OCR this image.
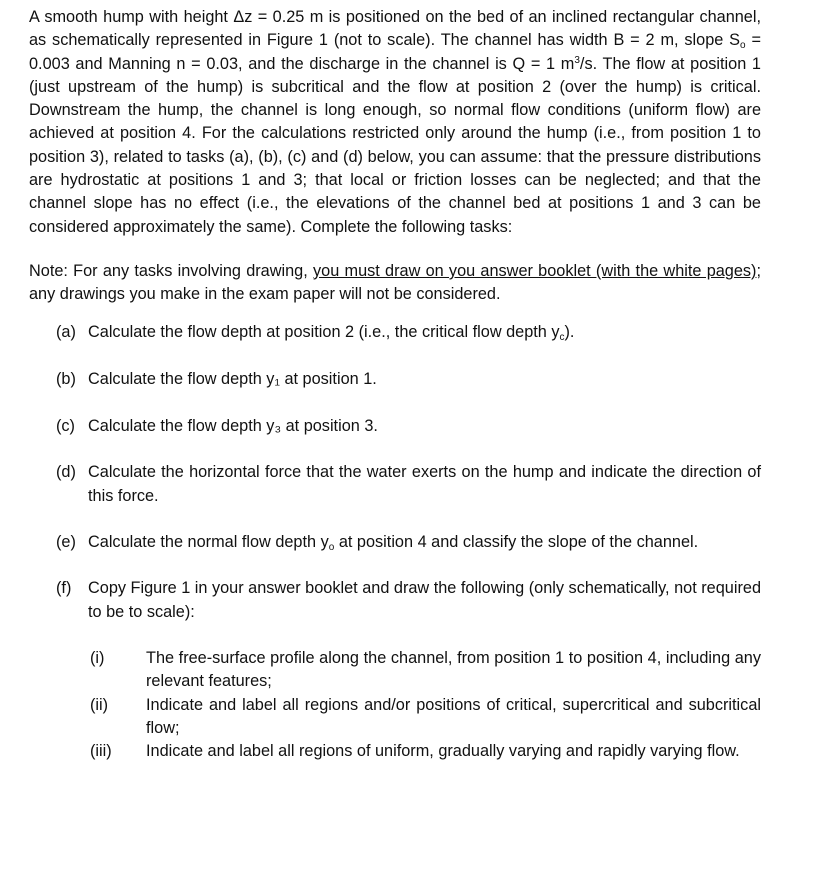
A smooth hump with height Δz = 0.25 m is positioned on the bed of an inclined rectangular channel, as schematically represented in Figure 1 (not to scale). The channel has width B = 2 m, slope $S_o = 0.003$ and Manning n = 0.03, and the discharge in the channel is Q = 1 $m^3/s$. The flow at position 1 (just upstream of the hump) is subcritical and the flow at position 2 (over the hump) is critical. Downstream the hump, the channel is long enough, so normal flow conditions (uniform flow) are achieved at position 4. For the calculations restricted only around the hump (i.e., from position 1 to position 3), related to tasks (a), (b), (c) and (d) below, you can assume: that the pressure distributions are hydrostatic at positions 1 and 3; that local or friction losses can be neglected; and that the channel slope has no effect (i.e., the elevations of the channel bed at positions 1 and 3 can be considered approximately the same). Complete the following tasks:

Note: For any tasks involving drawing, you must draw on you answer booklet (with the white pages); any drawings you make in the exam paper will not be considered.

(a) Calculate the flow depth at position 2 (i.e., the critical flow depth $y_c$).

(b) Calculate the flow depth y₁ at position 1.

(c) Calculate the flow depth y₃ at position 3.

(d) Calculate the horizontal force that the water exerts on the hump and indicate the direction of this force.

(e) Calculate the normal flow depth $y_o$ at position 4 and classify the slope of the channel.

(f) Copy Figure 1 in your answer booklet and draw the following (only schematically, not required to be to scale):

(i)	The free-surface profile along the channel, from position 1 to position 4, including any relevant features;

(ii) Indicate and label all regions and/or positions of critical, supercritical and subcritical flow;

(iii) Indicate and label all regions of uniform, gradually varying and rapidly varying flow.
